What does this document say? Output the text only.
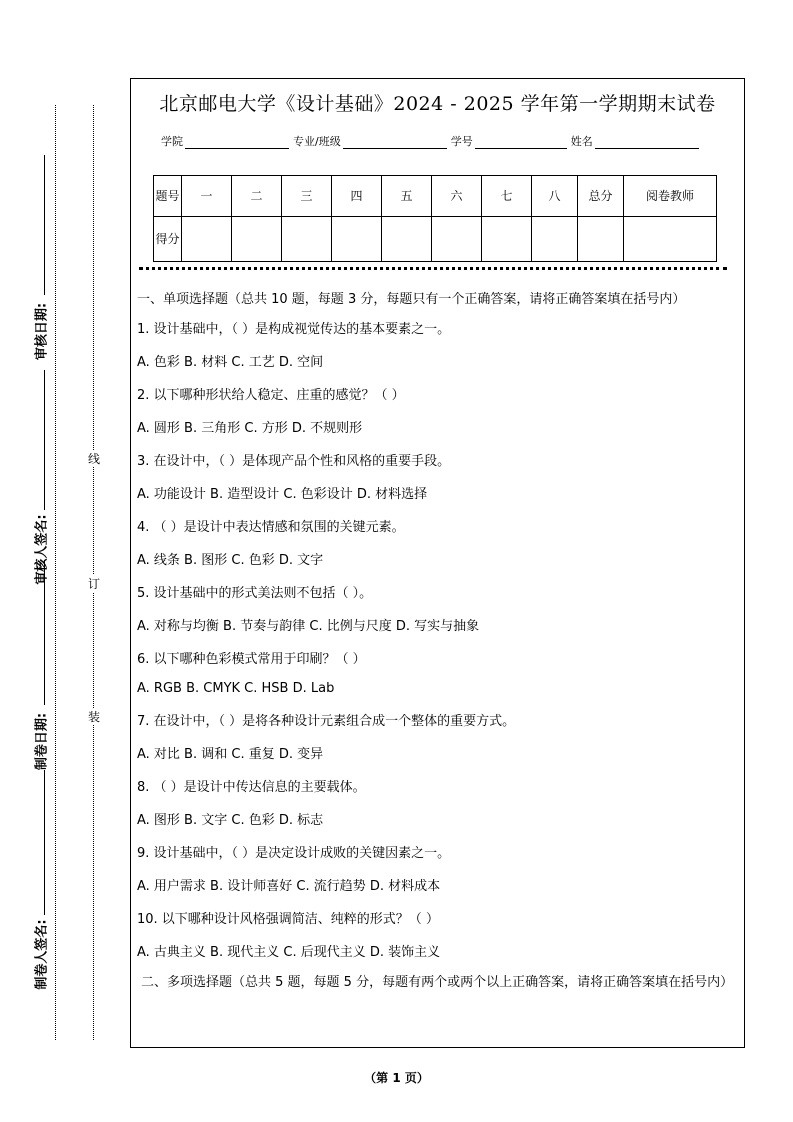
审核日期:
审核人签名:
制卷日期:
制卷人签名:
线
订
装
北京邮电大学《设计基础》2024 - 2025 学年第一学期期末试卷
学院	专业/班级	学号	姓名
题号	一	二	三	四	五	六	七	八	总分	阅卷教师
得分										

一、单项选择题（总共 10 题，每题 3 分，每题只有一个正确答案，请将正确答案填在括号内）

1. 设计基础中，（ ）是构成视觉传达的基本要素之一。

A. 色彩 B. 材料 C. 工艺 D. 空间

2. 以下哪种形状给人稳定、庄重的感觉？（ ）

A. 圆形 B. 三角形 C. 方形 D. 不规则形

3. 在设计中，（ ）是体现产品个性和风格的重要手段。

A. 功能设计 B. 造型设计 C. 色彩设计 D. 材料选择

4. （ ）是设计中表达情感和氛围的关键元素。

A. 线条 B. 图形 C. 色彩 D. 文字

5. 设计基础中的形式美法则不包括（ ）。

A. 对称与均衡 B. 节奏与韵律 C. 比例与尺度 D. 写实与抽象

6. 以下哪种色彩模式常用于印刷？（ ）

A. RGB B. CMYK C. HSB D. Lab

7. 在设计中，（ ）是将各种设计元素组合成一个整体的重要方式。

A. 对比 B. 调和 C. 重复 D. 变异

8. （ ）是设计中传达信息的主要载体。

A. 图形 B. 文字 C. 色彩 D. 标志

9. 设计基础中，（ ）是决定设计成败的关键因素之一。

A. 用户需求 B. 设计师喜好 C. 流行趋势 D. 材料成本

10. 以下哪种设计风格强调简洁、纯粹的形式？（ ）

A. 古典主义 B. 现代主义 C. 后现代主义 D. 装饰主义

二、多项选择题（总共 5 题，每题 5 分，每题有两个或两个以上正确答案，请将正确答案填在括号内）

（第 1 页）
